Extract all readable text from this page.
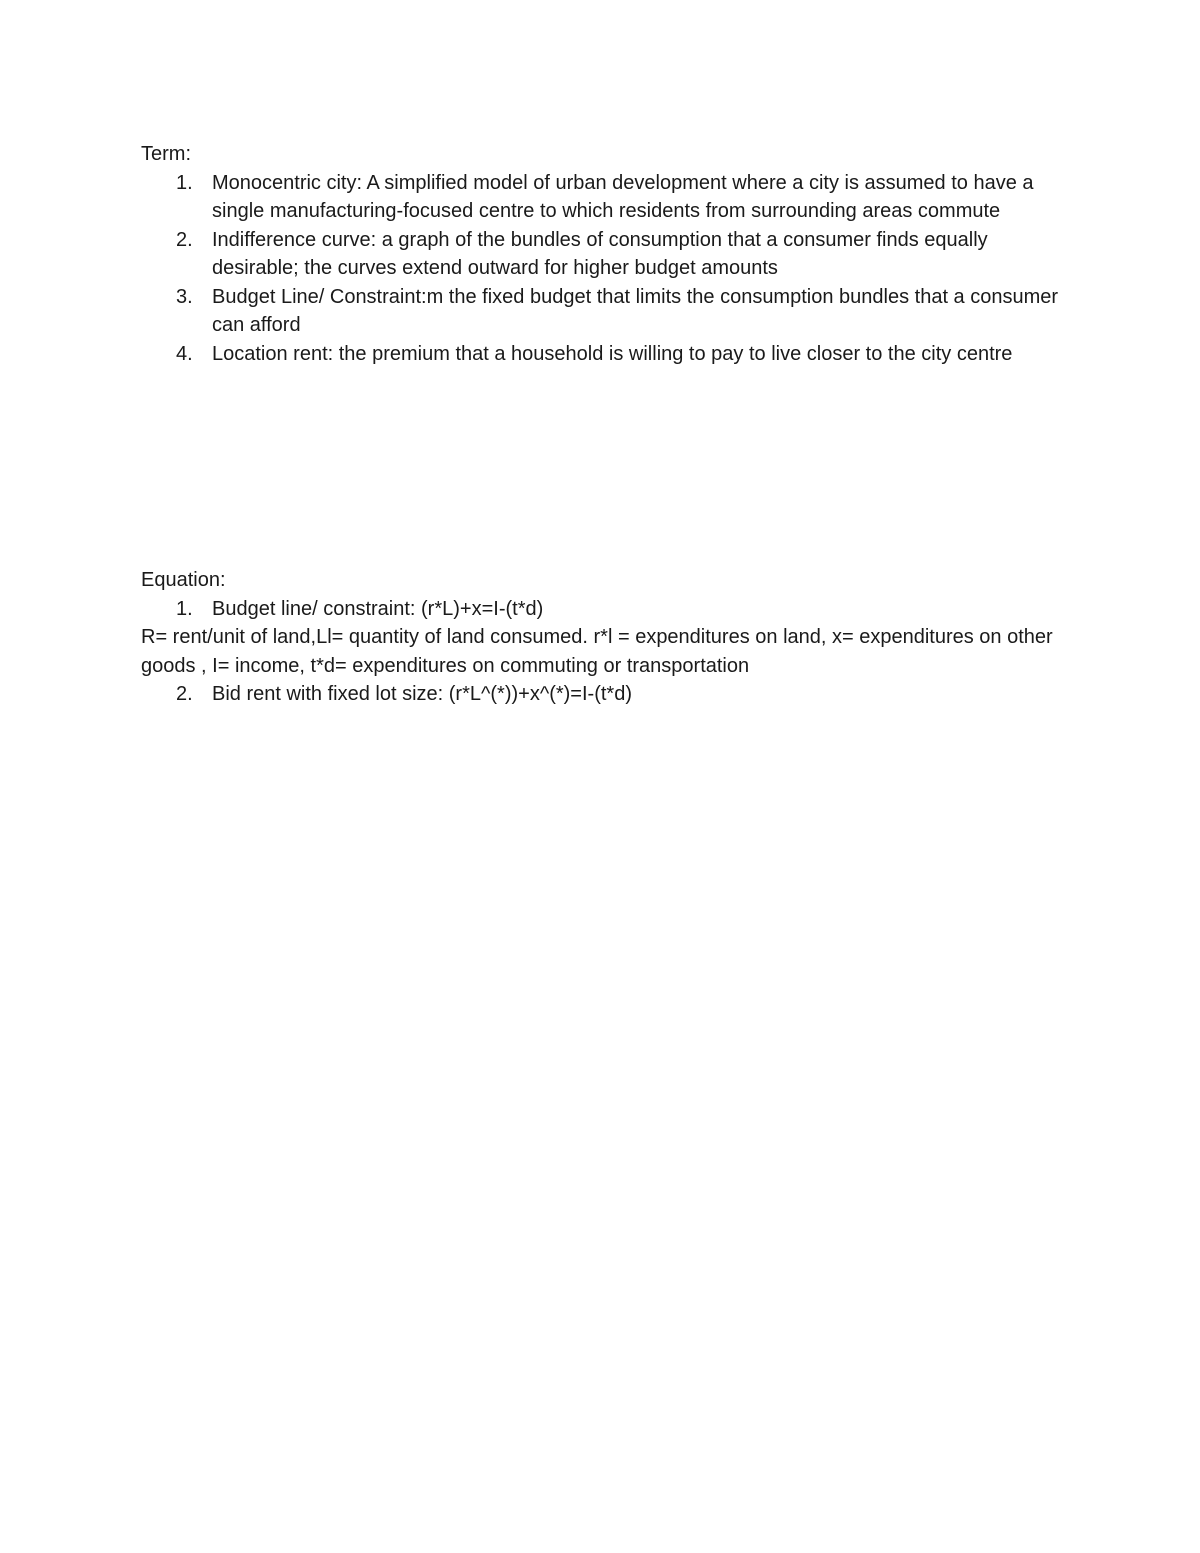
Term:

1. Monocentric city: A simplified model of urban development where a city is assumed to have a single manufacturing-focused centre to which residents from surrounding areas commute
2. Indifference curve: a graph of the bundles of consumption that a consumer finds equally desirable; the curves extend outward for higher budget amounts
3. Budget Line/ Constraint:m the fixed budget that limits the consumption bundles that a consumer can afford
4. Location rent: the premium that a household is willing to pay to live closer to the city centre

Equation:

1. Budget line/ constraint: (r*L)+x=I-(t*d)

R= rent/unit of land,Ll= quantity of land consumed. r*l = expenditures on land, x= expenditures on other goods , I= income, t*d= expenditures on commuting or transportation

2. Bid rent with fixed lot size: (r*L^(*))+x^(*)=I-(t*d)
